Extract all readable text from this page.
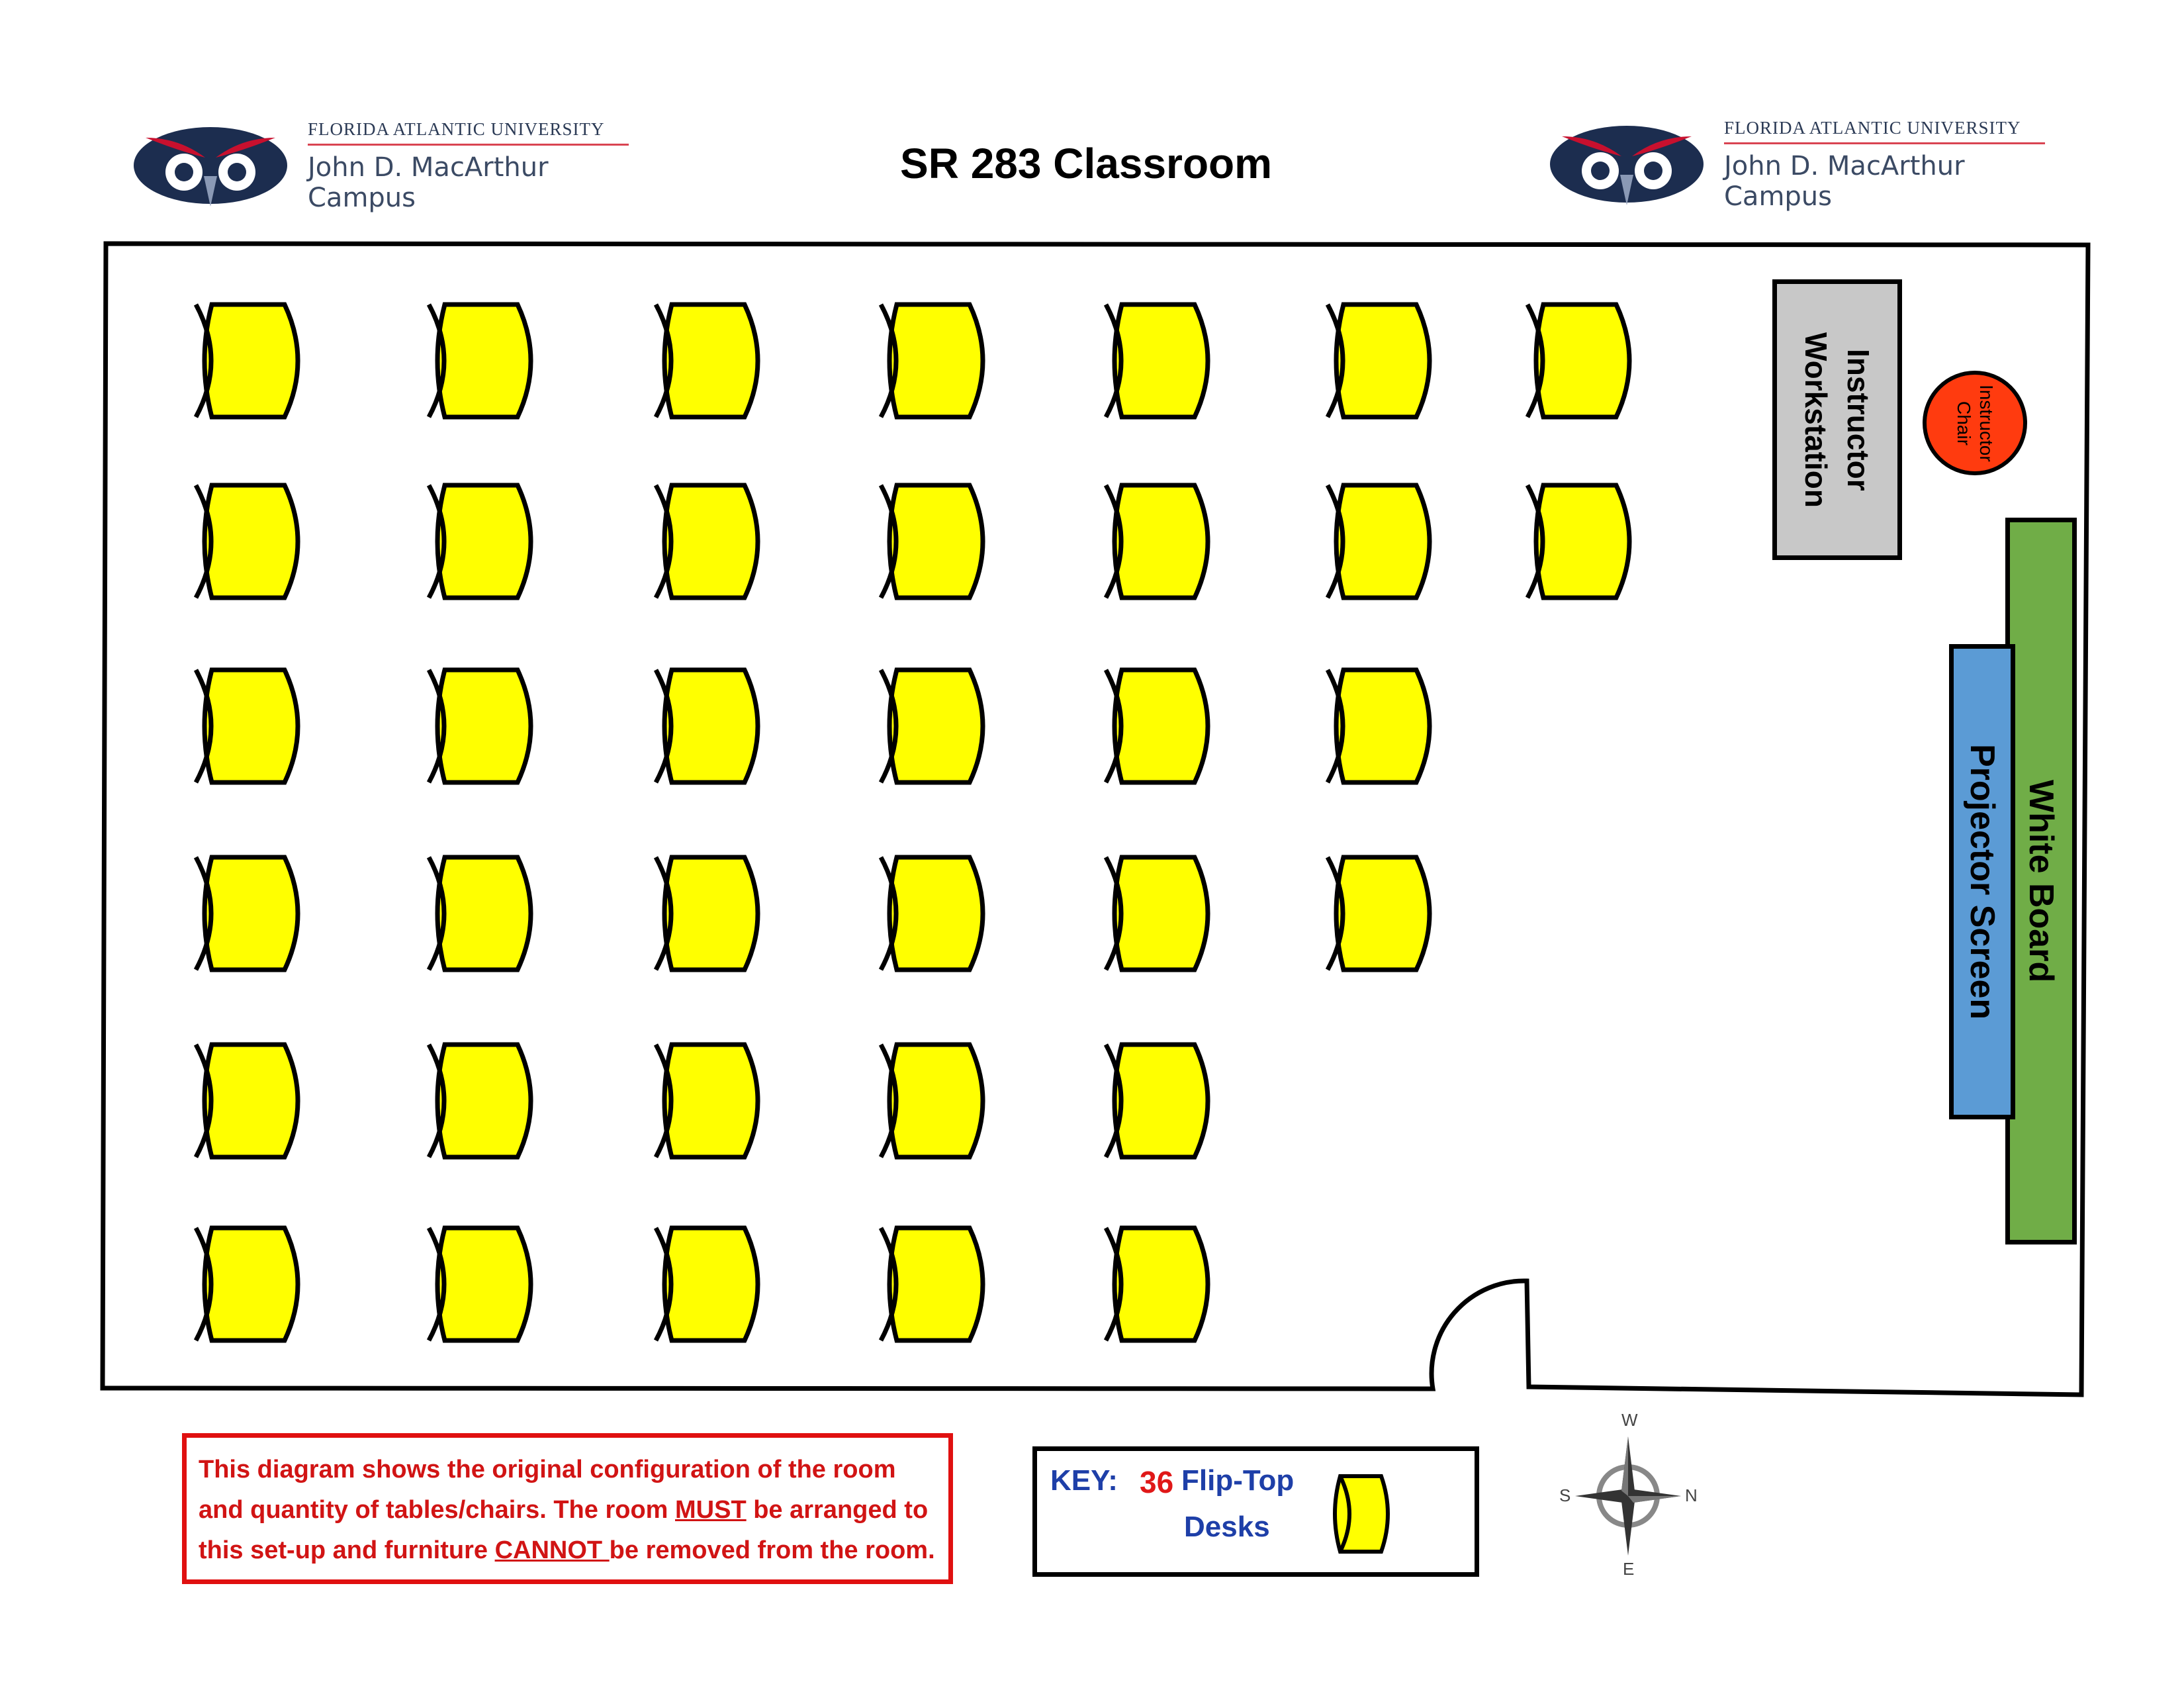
FLORIDA ATLANTIC UNIVERSITY
John D. MacArthur
Campus
FLORIDA ATLANTIC UNIVERSITY
John D. MacArthur
Campus
SR 283 Classroom
Instructor
Workstation	Instructor
Chair
White Board
Projector Screen
This diagram shows the original configuration of the room and quantity of tables/chairs. The room MUST be arranged to this set-up and furniture CANNOT be removed from the room.
KEY: 36 Flip-Top
Desks
W
S	N
E
